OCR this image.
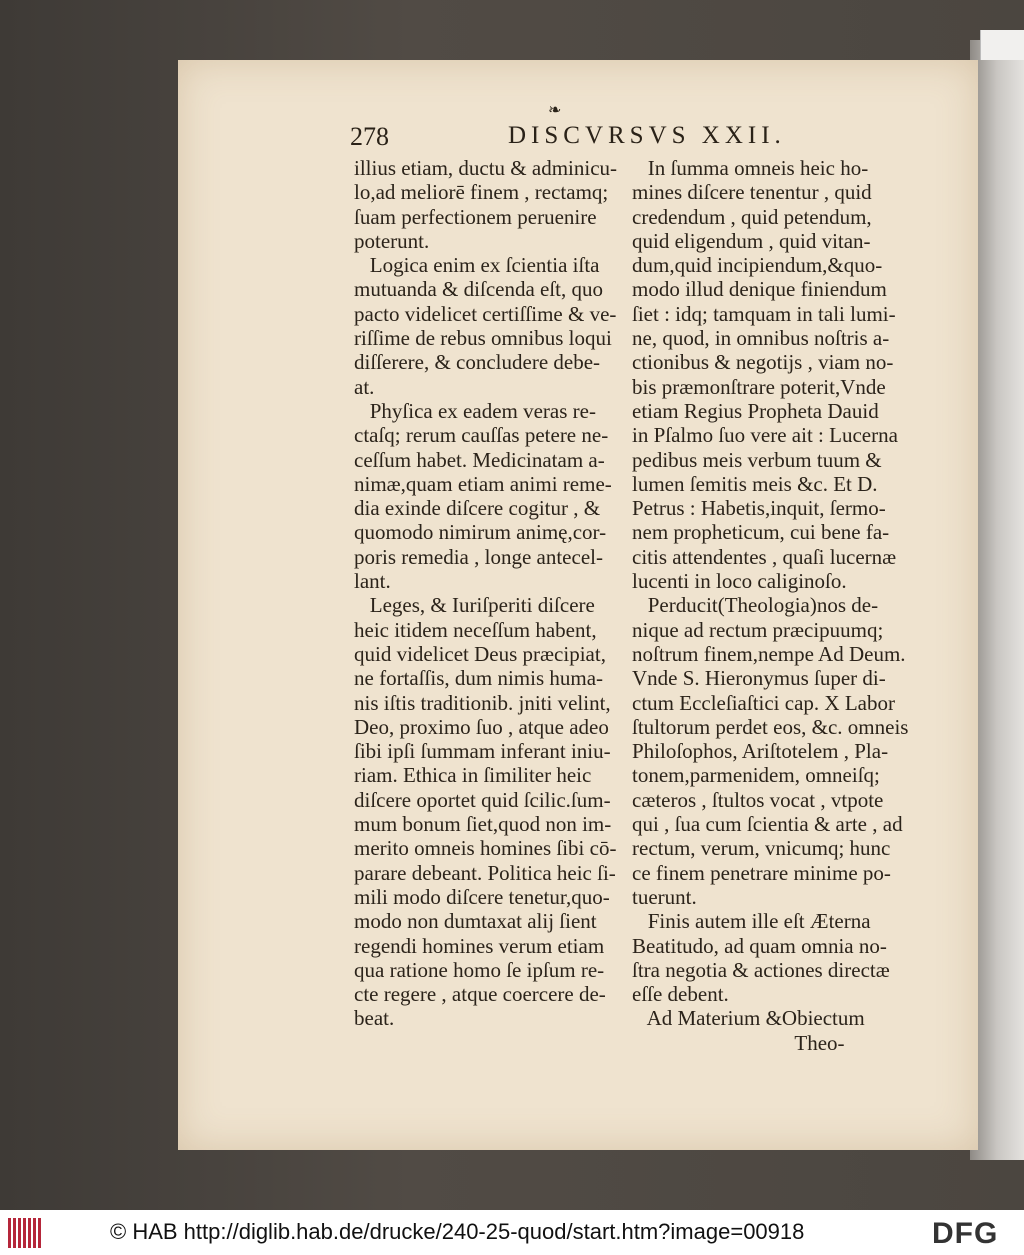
❧
278	DISCVRSVS XXII.

illius etiam, ductu & adminicu-

lo,ad meliorē finem , rectamq;

ſuam perfectionem peruenire

poterunt.

Logica enim ex ſcientia iſta

mutuanda & diſcenda eſt, quo

pacto videlicet certiſſime & ve-

riſſime de rebus omnibus loqui

diſſerere, & concludere debe-

at.

Phyſica ex eadem veras re-

ctaſq; rerum cauſſas petere ne-

ceſſum habet. Medicinatam a-

nimæ,quam etiam animi reme-

dia exinde diſcere cogitur , &

quomodo nimirum animę,cor-

poris remedia , longe antecel-

lant.

Leges, & Iuriſperiti diſcere

heic itidem neceſſum habent,

quid videlicet Deus præcipiat,

ne fortaſſis, dum nimis huma-

nis iſtis traditionib. jniti velint,

Deo, proximo ſuo , atque adeo

ſibi ipſi ſummam inferant iniu-

riam. Ethica in ſimiliter heic

diſcere oportet quid ſcilic.ſum-

mum bonum ſiet,quod non im-

merito omneis homines ſibi cō-

parare debeant. Politica heic ſi-

mili modo diſcere tenetur,quo-

modo non dumtaxat alij ſient

regendi homines verum etiam

qua ratione homo ſe ipſum re-

cte regere , atque coercere de-

beat.

In ſumma omneis heic ho-

mines diſcere tenentur , quid

credendum , quid petendum,

quid eligendum , quid vitan-

dum,quid incipiendum,&quo-

modo illud denique finiendum

ſiet : idq; tamquam in tali lumi-

ne, quod, in omnibus noſtris a-

ctionibus & negotijs , viam no-

bis præmonſtrare poterit,Vnde

etiam Regius Propheta Dauid

in Pſalmo ſuo vere ait : Lucerna

pedibus meis verbum tuum &

lumen ſemitis meis &c. Et D.

Petrus : Habetis,inquit, ſermo-

nem propheticum, cui bene fa-

citis attendentes , quaſi lucernæ

lucenti in loco caliginoſo.

Perducit(Theologia)nos de-

nique ad rectum præcipuumq;

noſtrum finem,nempe Ad Deum.

Vnde S. Hieronymus ſuper di-

ctum Eccleſiaſtici cap. X Labor

ſtultorum perdet eos, &c. omneis

Philoſophos, Ariſtotelem , Pla-

tonem,parmenidem, omneiſq;

cæteros , ſtultos vocat , vtpote

qui , ſua cum ſcientia & arte , ad

rectum, verum, vnicumq; hunc

ce finem penetrare minime po-

tuerunt.

Finis autem ille eſt Æterna

Beatitudo, ad quam omnia no-

ſtra negotia & actiones directæ

eſſe debent.

Ad Materium &Obiectum

Theo-

© HAB http://diglib.hab.de/drucke/240-25-quod/start.htm?image=00918	DFG
